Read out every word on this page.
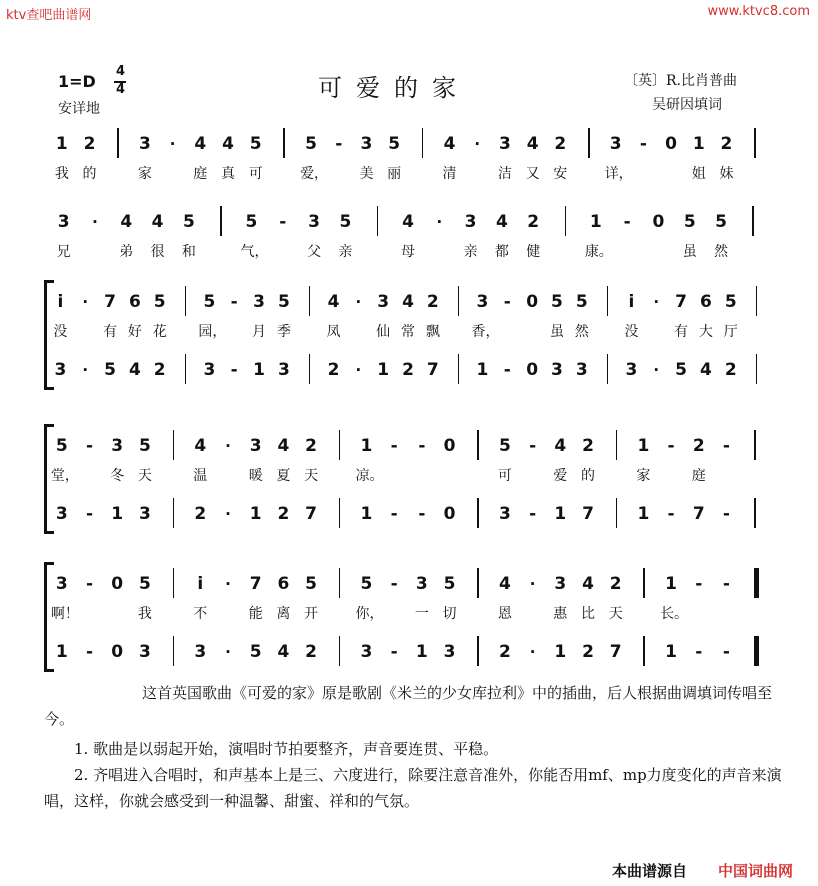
ktv查吧曲谱网	www.ktvc8.com
1=D
4
4
安详地
可爱的家	〔英〕R.比肖普曲
吴研因填词
1 2	3	·	4 4 5	5	-	3 5	4	·	3 4 2	3	-	0 1 2
我 的	家	庭 真 可	爱， 美 丽	清	洁 又 安	详，	姐 妹
3	·	4 4 5	5	-	3 5	4	·	3 4 2	1	-	0 5 5
兄	弟 很 和	气，	父 亲	母	亲 都 健	康。	虽 然
i	· 7 6 5 5 - 3 5 4	· 3 4 2 3 - 0 5 5	i	· 7 6 5
3	· 5 4 2 3 - 1 3 2	· 1 2 7 1 - 0 3 3 3	· 5 4 2
没	有 好 花 园， 月 季	凤	仙 常 飘 香，	虽 然	没	有 大 厅
5	-	3 5	4	·	3 4 2	1	-	-	0	5	-	4 2	1	-	2	-
3	-	1 3	2	·	1 2 7	1	-	-	0	3	-	1 7	1	-	7	-
堂， 冬 天	温	暖 夏 天	凉。	可	爱 的	家	庭
3	-	0 5	i	·	7 6 5	5	-	3 5	4	·	3 4 2	1	-	-
1	-	0 3	3	·	5 4 2	3	-	1 3	2	·	1 2 7	1	-	-
啊！	我	不	能 离 开	你， 一 切	恩	惠 比 天	长。
这首英国歌曲《可爱的家》原是歌剧《米兰的少女库拉利》中的插曲，后人根据曲调填词传唱至今。
1. 歌曲是以弱起开始，演唱时节拍要整齐，声音要连贯、平稳。
2. 齐唱进入合唱时，和声基本上是三、六度进行，除要注意音准外，你能否用mf、mp力度变化的声音来演唱，这样，你就会感受到一种温馨、甜蜜、祥和的气氛。
本曲谱源自 中国词曲网
